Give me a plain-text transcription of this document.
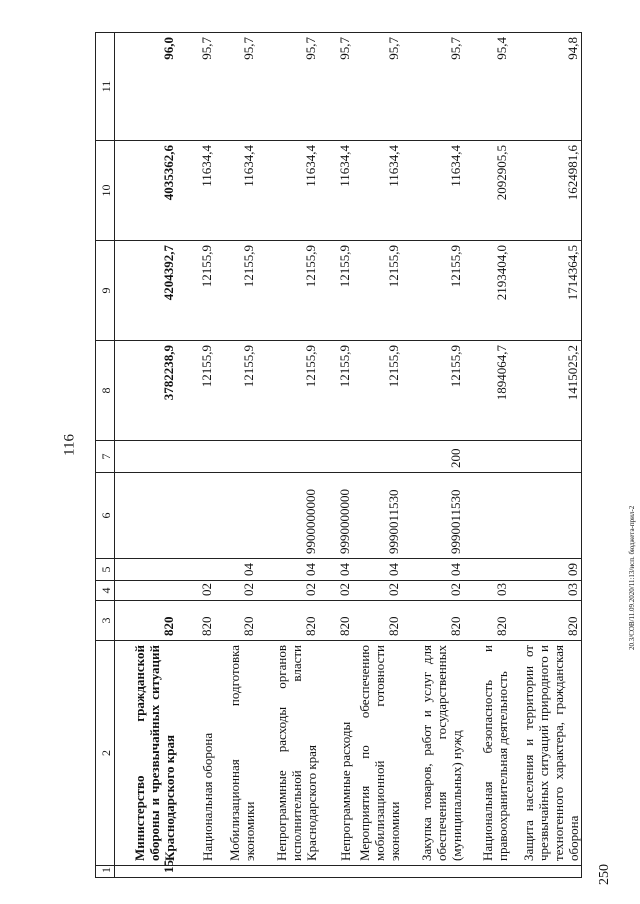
116
250
20.3/COB/11.09.2020/11:13/исп. бюджета-прил-2
1	2	3	4	5	6	7	8	9	10	11
15.	Министерство гражданской обороны и чрезвычайных ситуаций Краснодарского края	820					3782238,9	4204392,7	4035362,6	96,0
	Национальная оборона	820	02				12155,9	12155,9	11634,4	95,7
	Мобилизационная подготовка экономики	820	02	04			12155,9	12155,9	11634,4	95,7
	Непрограммные расходы органов исполнительной власти Краснодарского края	820	02	04	9900000000		12155,9	12155,9	11634,4	95,7
	Непрограммные расходы	820	02	04	9990000000		12155,9	12155,9	11634,4	95,7
	Мероприятия по обеспечению мобилизационной готовности экономики	820	02	04	9990011530		12155,9	12155,9	11634,4	95,7
	Закупка товаров, работ и услуг для обеспечения государственных (муниципальных) нужд	820	02	04	9990011530	200	12155,9	12155,9	11634,4	95,7
	Национальная безопасность и правоохранительная деятельность	820	03				1894064,7	2193404,0	2092905,5	95,4
	Защита населения и территории от чрезвычайных ситуаций природного и техногенного характера, гражданская оборона	820	03	09			1415025,2	1714364,5	1624981,6	94,8
